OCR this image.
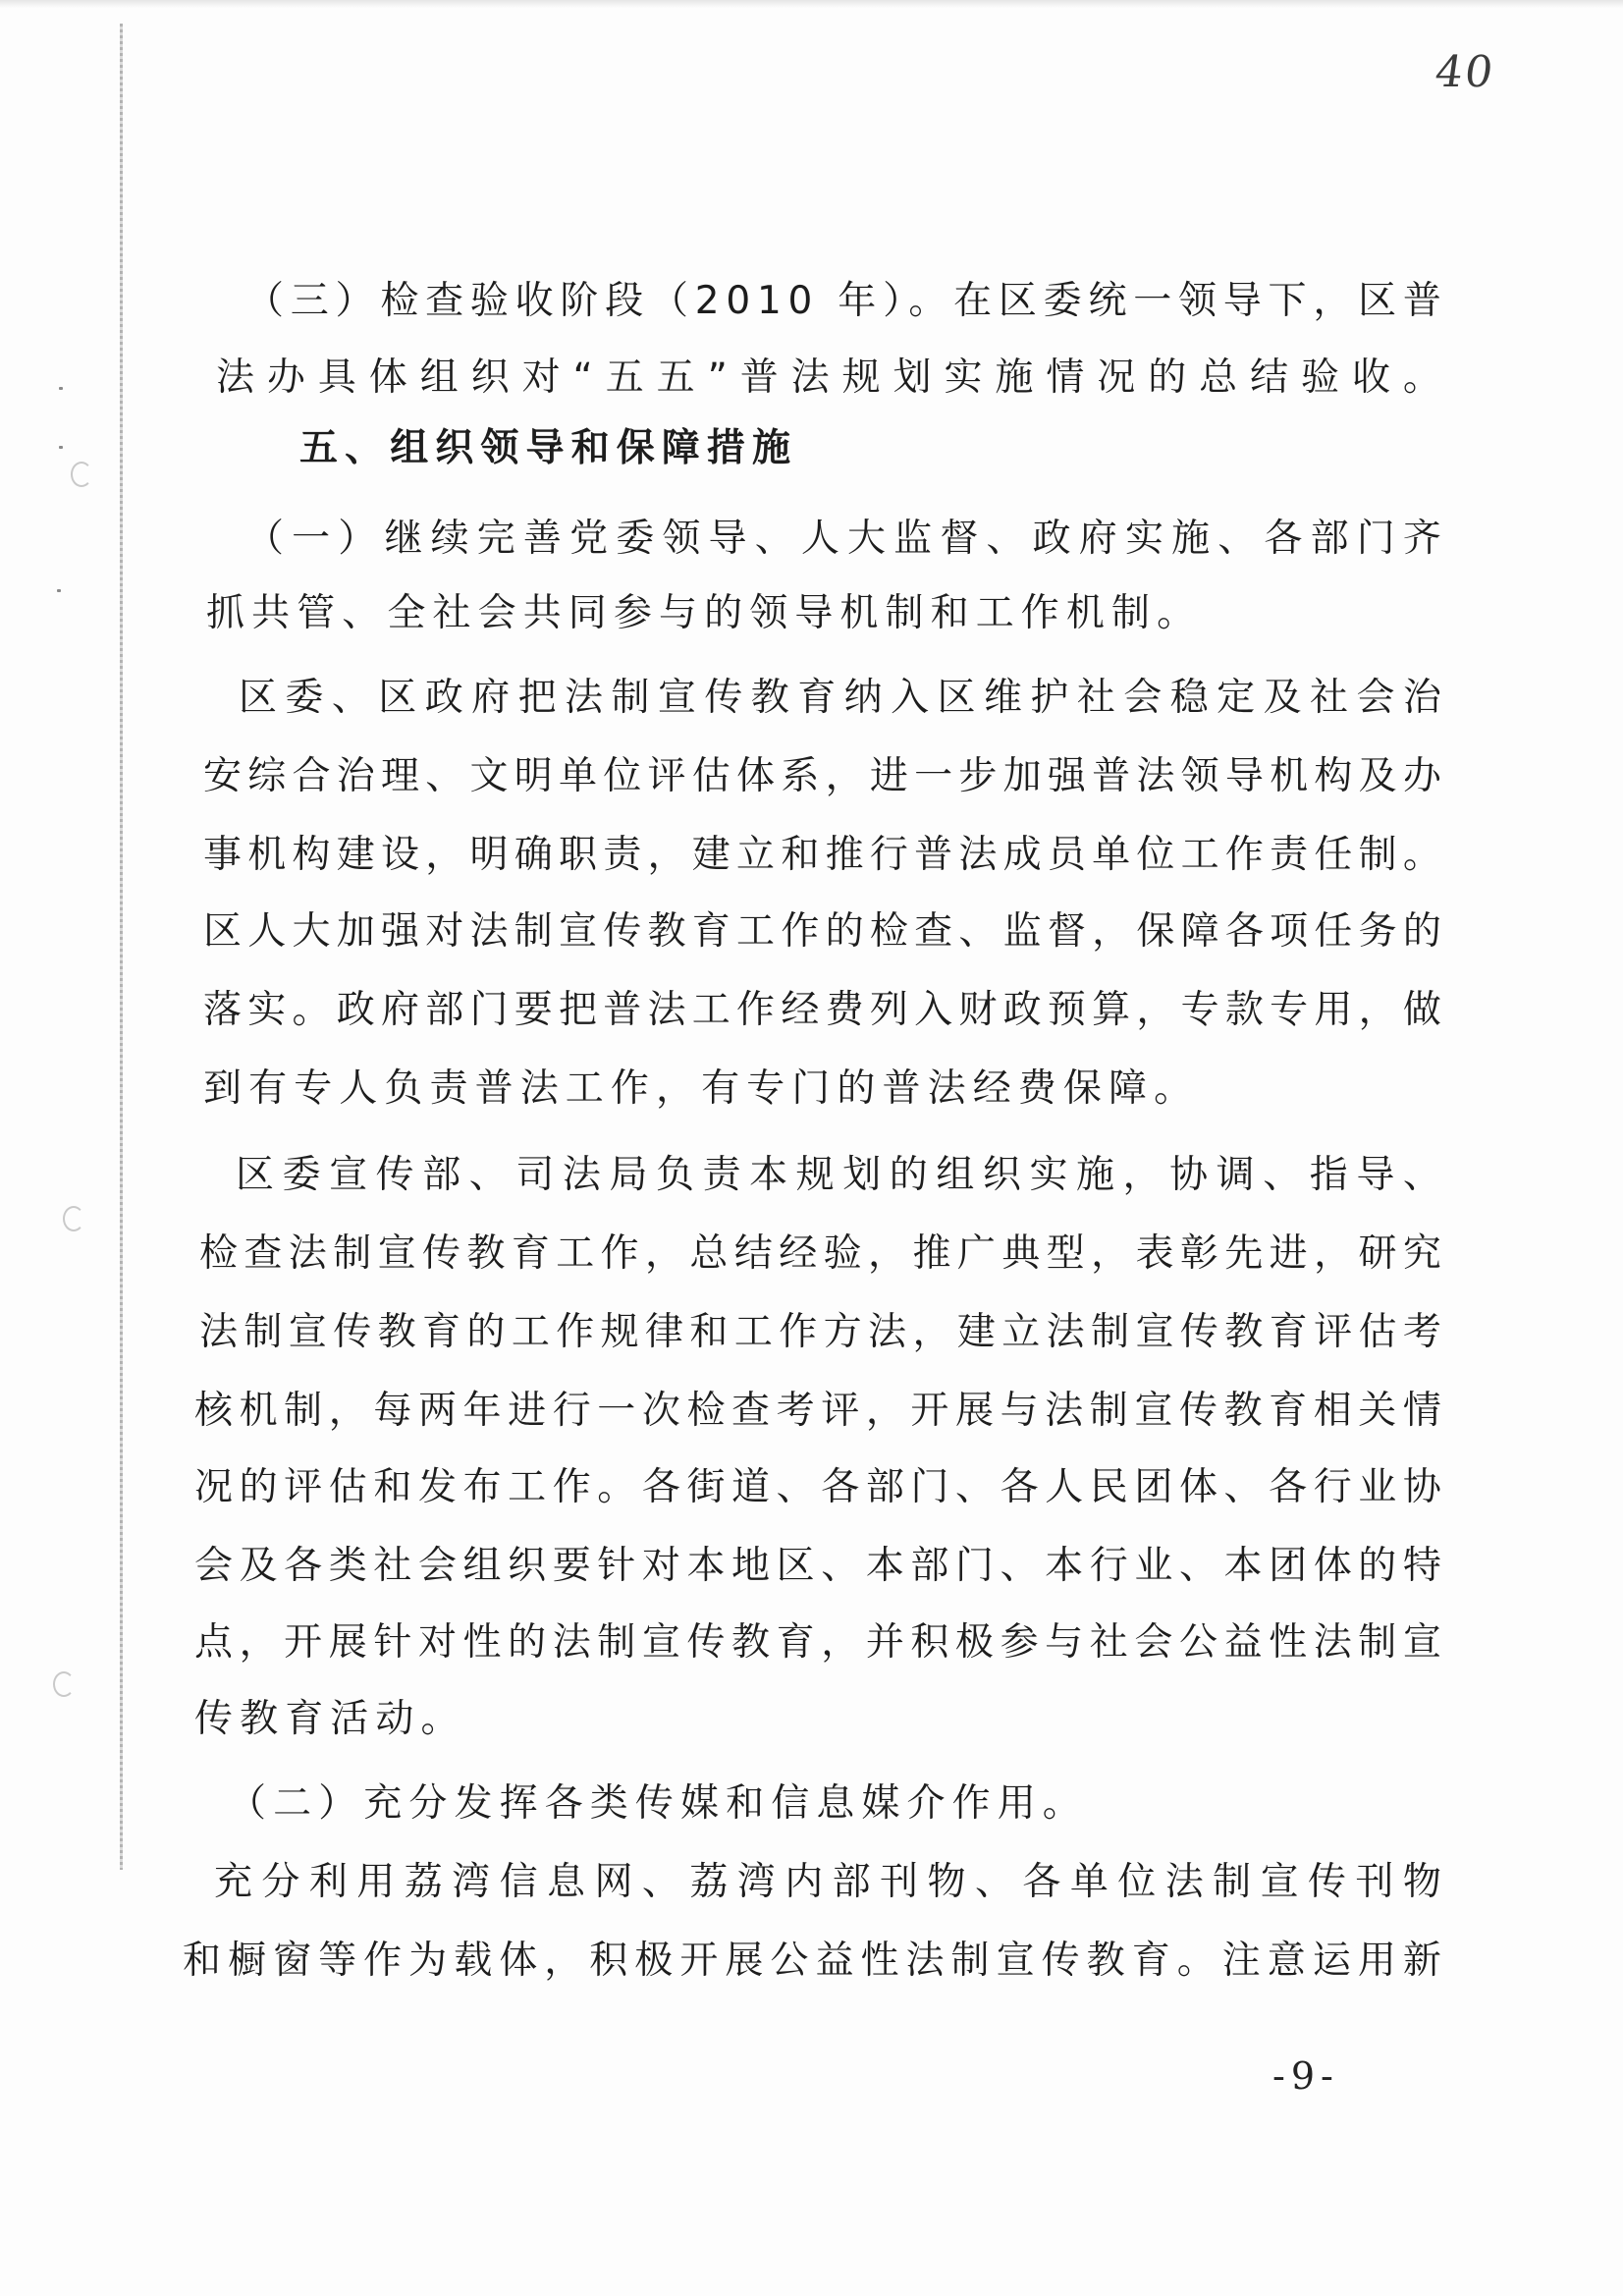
40
（三）检查验收阶段（2010 年）。在区委统一领导下，区普
法办具体组织对“五五”普法规划实施情况的总结验收。
五、组织领导和保障措施
（一）继续完善党委领导、人大监督、政府实施、各部门齐
抓共管、全社会共同参与的领导机制和工作机制。
区委、区政府把法制宣传教育纳入区维护社会稳定及社会治
安综合治理、文明单位评估体系，进一步加强普法领导机构及办
事机构建设，明确职责，建立和推行普法成员单位工作责任制。
区人大加强对法制宣传教育工作的检查、监督，保障各项任务的
落实。政府部门要把普法工作经费列入财政预算，专款专用，做
到有专人负责普法工作，有专门的普法经费保障。
区委宣传部、司法局负责本规划的组织实施，协调、指导、
检查法制宣传教育工作，总结经验，推广典型，表彰先进，研究
法制宣传教育的工作规律和工作方法，建立法制宣传教育评估考
核机制，每两年进行一次检查考评，开展与法制宣传教育相关情
况的评估和发布工作。各街道、各部门、各人民团体、各行业协
会及各类社会组织要针对本地区、本部门、本行业、本团体的特
点，开展针对性的法制宣传教育，并积极参与社会公益性法制宣
传教育活动。
（二）充分发挥各类传媒和信息媒介作用。
充分利用荔湾信息网、荔湾内部刊物、各单位法制宣传刊物
和橱窗等作为载体，积极开展公益性法制宣传教育。注意运用新
-9-
